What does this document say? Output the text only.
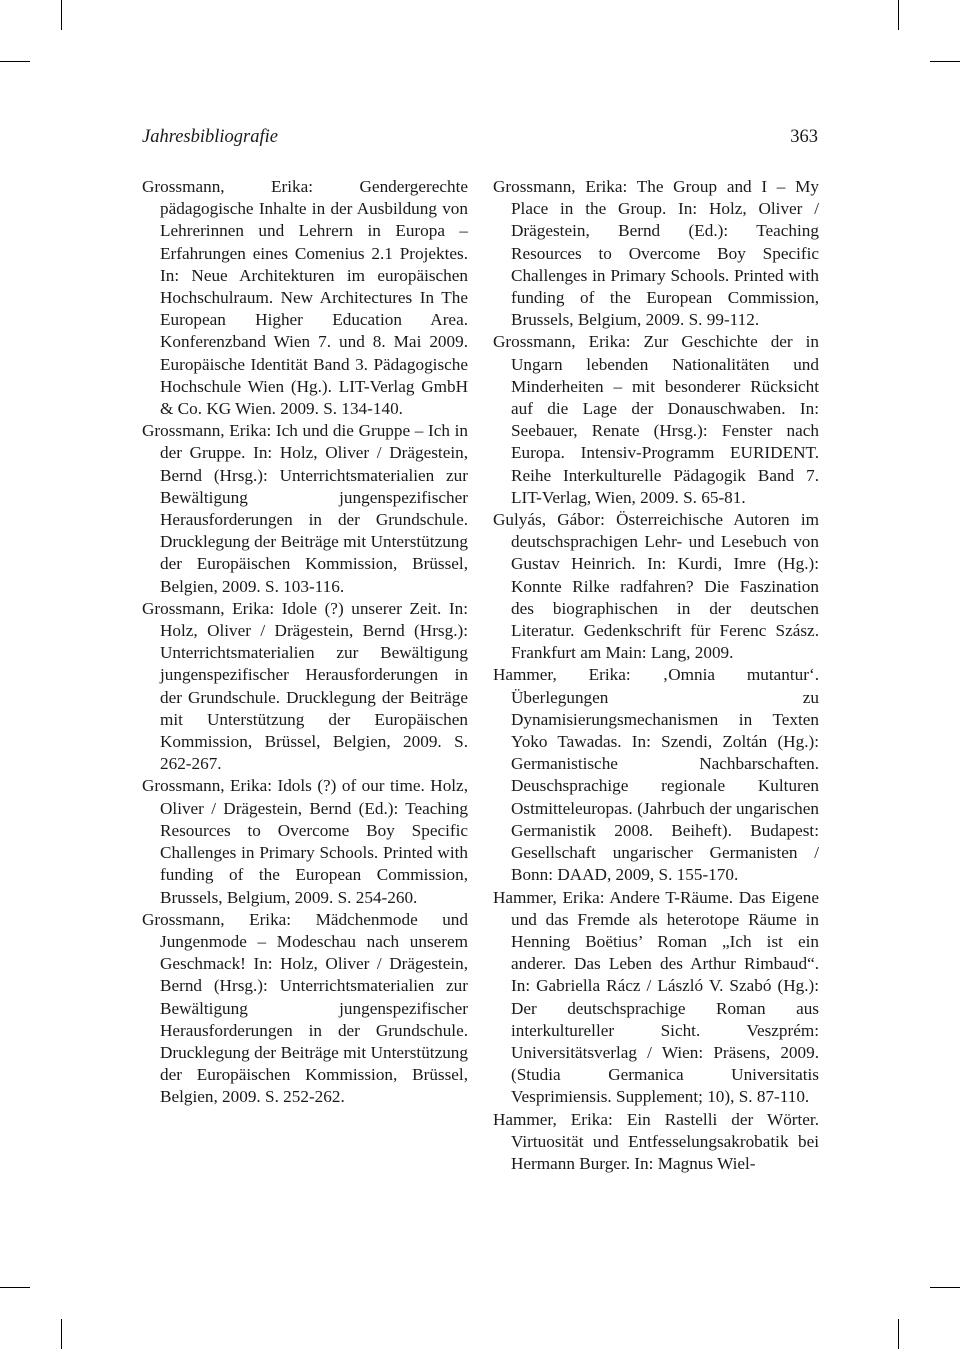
Jahresbibliografie	363

Grossmann, Erika: Gendergerechte pädagogische Inhalte in der Ausbildung von Lehrerinnen und Lehrern in Europa – Erfahrungen eines Comenius 2.1 Projektes. In: Neue Architekturen im europäischen Hochschulraum. New Architectures In The European Higher Education Area. Konferenzband Wien 7. und 8. Mai 2009. Europäische Identität Band 3. Pädagogische Hochschule Wien (Hg.). LIT-Verlag GmbH & Co. KG Wien. 2009. S. 134-140.

Grossmann, Erika: Ich und die Gruppe – Ich in der Gruppe. In: Holz, Oliver / Drägestein, Bernd (Hrsg.): Unterrichtsmaterialien zur Bewältigung jungenspezifischer Herausforderungen in der Grundschule. Drucklegung der Beiträge mit Unterstützung der Europäischen Kommission, Brüssel, Belgien, 2009. S. 103-116.

Grossmann, Erika: Idole (?) unserer Zeit. In: Holz, Oliver / Drägestein, Bernd (Hrsg.): Unterrichtsmaterialien zur Bewältigung jungenspezifischer Herausforderungen in der Grundschule. Drucklegung der Beiträge mit Unterstützung der Europäischen Kommission, Brüssel, Belgien, 2009. S. 262-267.

Grossmann, Erika: Idols (?) of our time. Holz, Oliver / Drägestein, Bernd (Ed.): Teaching Resources to Overcome Boy Specific Challenges in Primary Schools. Printed with funding of the European Commission, Brussels, Belgium, 2009. S. 254-260.

Grossmann, Erika: Mädchenmode und Jungenmode – Modeschau nach unserem Geschmack! In: Holz, Oliver / Drägestein, Bernd (Hrsg.): Unterrichtsmaterialien zur Bewältigung jungenspezifischer Herausforderungen in der Grundschule. Drucklegung der Beiträge mit Unterstützung der Europäischen Kommission, Brüssel, Belgien, 2009. S. 252-262.

Grossmann, Erika: The Group and I – My Place in the Group. In: Holz, Oliver / Drägestein, Bernd (Ed.): Teaching Resources to Overcome Boy Specific Challenges in Primary Schools. Printed with funding of the European Commission, Brussels, Belgium, 2009. S. 99-112.

Grossmann, Erika: Zur Geschichte der in Ungarn lebenden Nationalitäten und Minderheiten – mit besonderer Rücksicht auf die Lage der Donauschwaben. In: Seebauer, Renate (Hrsg.): Fenster nach Europa. Intensiv-Programm EURIDENT. Reihe Interkulturelle Pädagogik Band 7. LIT-Verlag, Wien, 2009. S. 65-81.

Gulyás, Gábor: Österreichische Autoren im deutschsprachigen Lehr- und Lesebuch von Gustav Heinrich. In: Kurdi, Imre (Hg.): Konnte Rilke radfahren? Die Faszination des biographischen in der deutschen Literatur. Gedenkschrift für Ferenc Szász. Frankfurt am Main: Lang, 2009.

Hammer, Erika: ‚Omnia mutantur‘. Überlegungen zu Dynamisierungsmechanismen in Texten Yoko Tawadas. In: Szendi, Zoltán (Hg.): Germanistische Nachbarschaften. Deuschsprachige regionale Kulturen Ostmitteleuropas. (Jahrbuch der ungarischen Germanistik 2008. Beiheft). Budapest: Gesellschaft ungarischer Germanisten / Bonn: DAAD, 2009, S. 155-170.

Hammer, Erika: Andere T-Räume. Das Eigene und das Fremde als heterotope Räume in Henning Boëtius’ Roman „Ich ist ein anderer. Das Leben des Arthur Rimbaud“. In: Gabriella Rácz / László V. Szabó (Hg.): Der deutschsprachige Roman aus interkultureller Sicht. Veszprém: Universitätsverlag / Wien: Präsens, 2009. (Studia Germanica Universitatis Vesprimiensis. Supplement; 10), S. 87-110.

Hammer, Erika: Ein Rastelli der Wörter. Virtuosität und Entfesselungsakrobatik bei Hermann Burger. In: Magnus Wiel-
